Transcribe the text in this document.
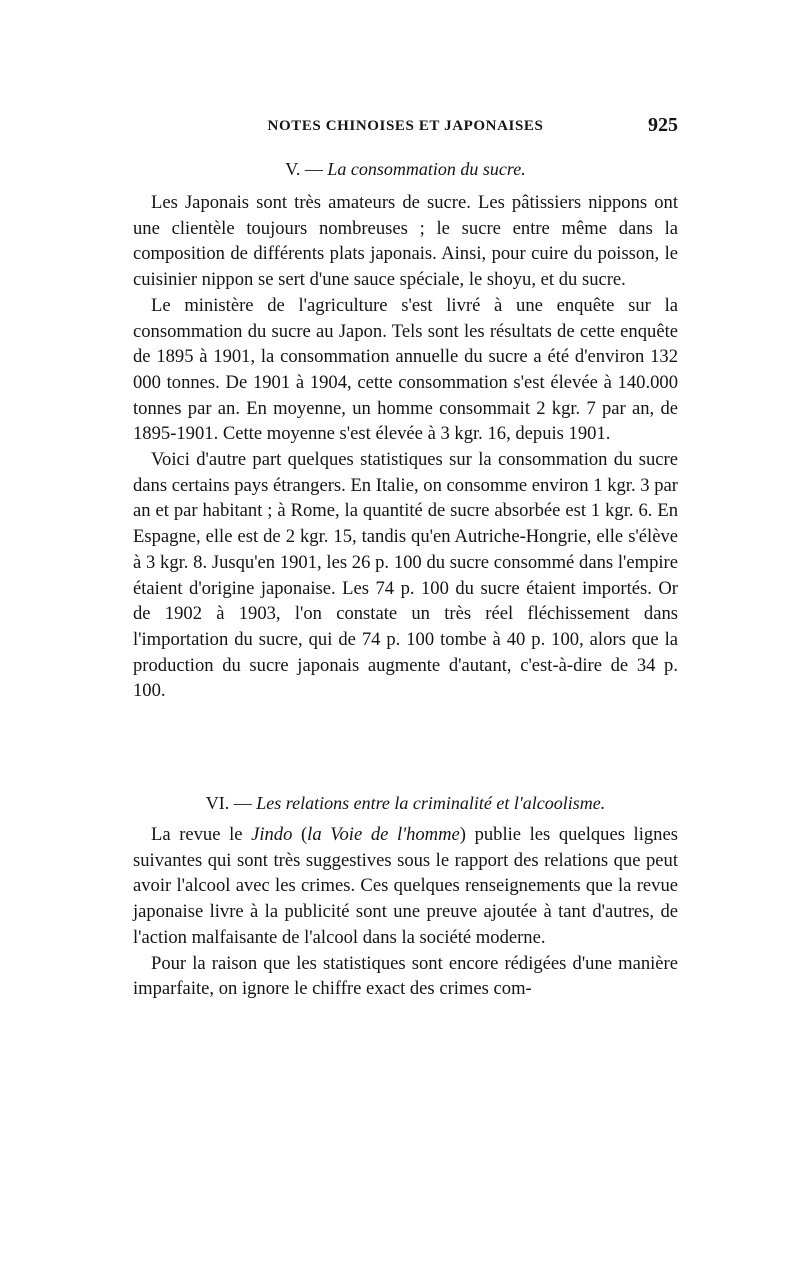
NOTES CHINOISES ET JAPONAISES	925
V. — La consommation du sucre.

Les Japonais sont très amateurs de sucre. Les pâtissiers nippons ont une clientèle toujours nombreuses ; le sucre entre même dans la composition de différents plats japonais. Ainsi, pour cuire du poisson, le cuisinier nippon se sert d'une sauce spéciale, le shoyu, et du sucre.

Le ministère de l'agriculture s'est livré à une enquête sur la consommation du sucre au Japon. Tels sont les résultats de cette enquête de 1895 à 1901, la consommation annuelle du sucre a été d'environ 132 000 tonnes. De 1901 à 1904, cette consommation s'est élevée à 140.000 tonnes par an. En moyenne, un homme consommait 2 kgr. 7 par an, de 1895-1901. Cette moyenne s'est élevée à 3 kgr. 16, depuis 1901.

Voici d'autre part quelques statistiques sur la consommation du sucre dans certains pays étrangers. En Italie, on consomme environ 1 kgr. 3 par an et par habitant ; à Rome, la quantité de sucre absorbée est 1 kgr. 6. En Espagne, elle est de 2 kgr. 15, tandis qu'en Autriche-Hongrie, elle s'élève à 3 kgr. 8. Jusqu'en 1901, les 26 p. 100 du sucre consommé dans l'empire étaient d'origine japonaise. Les 74 p. 100 du sucre étaient importés. Or de 1902 à 1903, l'on constate un très réel fléchissement dans l'importation du sucre, qui de 74 p. 100 tombe à 40 p. 100, alors que la production du sucre japonais augmente d'autant, c'est-à-dire de 34 p. 100.

VI. — Les relations entre la criminalité et l'alcoolisme.

La revue le Jindo (la Voie de l'homme) publie les quelques lignes suivantes qui sont très suggestives sous le rapport des relations que peut avoir l'alcool avec les crimes. Ces quelques renseignements que la revue japonaise livre à la publicité sont une preuve ajoutée à tant d'autres, de l'action malfaisante de l'alcool dans la société moderne.

Pour la raison que les statistiques sont encore rédigées d'une manière imparfaite, on ignore le chiffre exact des crimes com-
